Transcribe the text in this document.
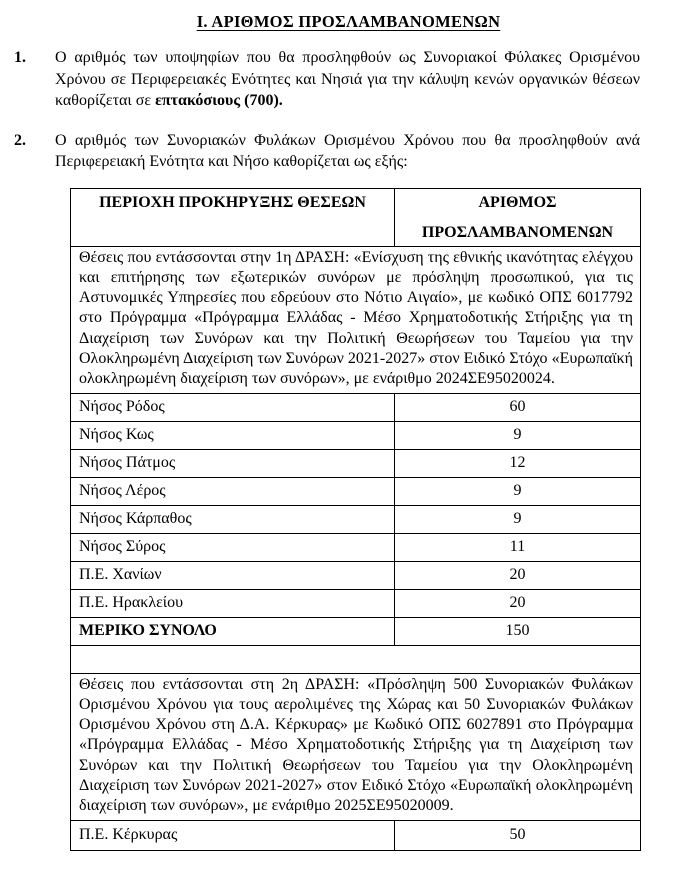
Ι. ΑΡΙΘΜΟΣ ΠΡΟΣΛΑΜΒΑΝΟΜΕΝΩΝ
1.	Ο αριθμός των υποψηφίων που θα προσληφθούν ως Συνοριακοί Φύλακες Ορισμένου Χρόνου σε Περιφερειακές Ενότητες και Νησιά για την κάλυψη κενών οργανικών θέσεων καθορίζεται σε επτακόσιους (700).
2.	Ο αριθμός των Συνοριακών Φυλάκων Ορισμένου Χρόνου που θα προσληφθούν ανά Περιφερειακή Ενότητα και Νήσο καθορίζεται ως εξής:
ΠΕΡΙΟΧΗ ΠΡΟΚΗΡΥΞΗΣ ΘΕΣΕΩΝ	ΑΡΙΘΜΟΣ
ΠΡΟΣΛΑΜΒΑΝΟΜΕΝΩΝ

Θέσεις που εντάσσονται στην 1η ΔΡΑΣΗ: «Ενίσχυση της εθνικής ικανότητας ελέγχου και επιτήρησης των εξωτερικών συνόρων με πρόσληψη προσωπικού, για τις Αστυνομικές Υπηρεσίες που εδρεύουν στο Νότιο Αιγαίο», με κωδικό ΟΠΣ 6017792 στο Πρόγραμμα «Πρόγραμμα Ελλάδας - Μέσο Χρηματοδοτικής Στήριξης για τη Διαχείριση των Συνόρων και την Πολιτική Θεωρήσεων του Ταμείου για την Ολοκληρωμένη Διαχείριση των Συνόρων 2021-2027» στον Ειδικό Στόχο «Ευρωπαϊκή ολοκληρωμένη διαχείριση των συνόρων», με ενάριθμο 2024ΣΕ95020024.	
Νήσος Ρόδος	60
Νήσος Κως	9
Νήσος Πάτμος	12
Νήσος Λέρος	9
Νήσος Κάρπαθος	9
Νήσος Σύρος	11
Π.Ε. Χανίων	20
Π.Ε. Ηρακλείου	20
ΜΕΡΙΚΟ ΣΥΝΟΛΟ	150

Θέσεις που εντάσσονται στη 2η ΔΡΑΣΗ: «Πρόσληψη 500 Συνοριακών Φυλάκων Ορισμένου Χρόνου για τους αερολιμένες της Χώρας και 50 Συνοριακών Φυλάκων Ορισμένου Χρόνου στη Δ.Α. Κέρκυρας» με Κωδικό ΟΠΣ 6027891 στο Πρόγραμμα «Πρόγραμμα Ελλάδας - Μέσο Χρηματοδοτικής Στήριξης για τη Διαχείριση των Συνόρων και την Πολιτική Θεωρήσεων του Ταμείου για την Ολοκληρωμένη Διαχείριση των Συνόρων 2021-2027» στον Ειδικό Στόχο «Ευρωπαϊκή ολοκληρωμένη διαχείριση των συνόρων», με ενάριθμο 2025ΣΕ95020009.	
Π.Ε. Κέρκυρας	50
